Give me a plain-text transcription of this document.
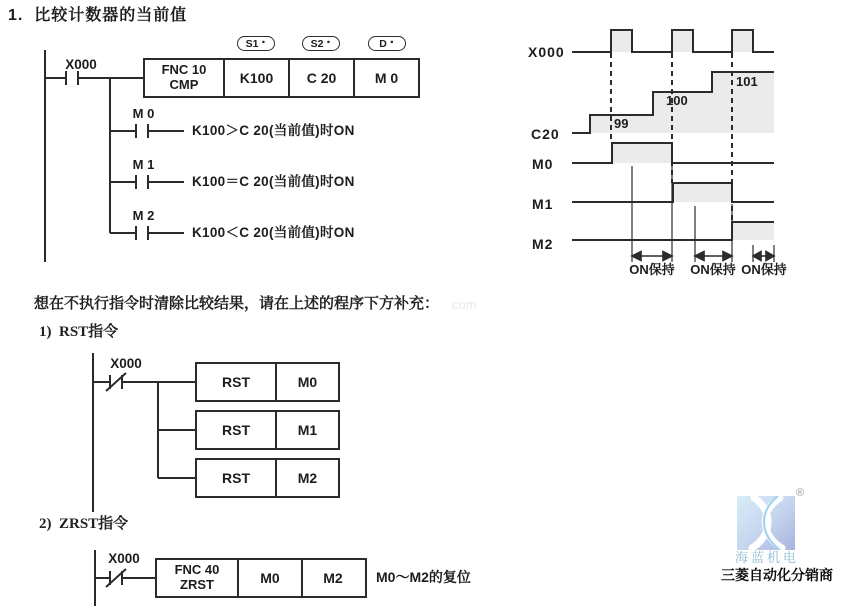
1.  比较计数器的当前值
X000
S1 ·	S2 ·	D ·
FNC 10
CMP	K100	C 20	M 0
M 0
M 1
M 2
K100＞C 20(当前值)时ON
K100＝C 20(当前值)时ON
K100＜C 20(当前值)时ON
X000
C20
M0
M1
M2
99
100
101
ON保持	ON保持 ON保持
想在不执行指令时清除比较结果，请在上述的程序下方补充： com
1)  RST指令
X000
RST	M0
RST	M1
RST	M2
2)  ZRST指令
X000
FNC 40
ZRST	M0	M2	M0～M2的复位
®
海蓝机电
三菱自动化分销商
